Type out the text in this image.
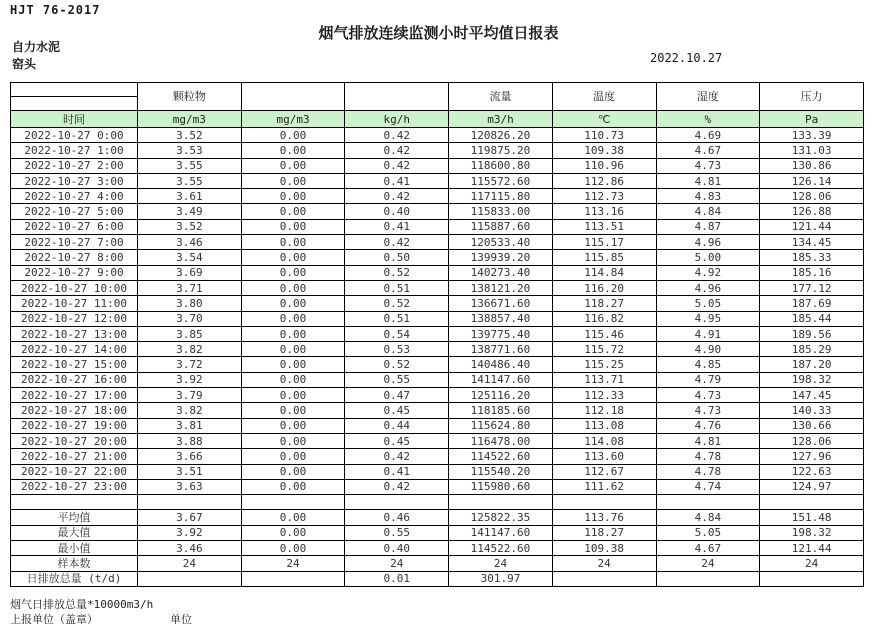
HJT 76-2017
烟气排放连续监测小时平均值日报表
自力水泥
窑头	2022.10.27
	颗粒物			流量	温度	湿度	压力

时间	mg/m3	mg/m3	kg/h	m3/h	℃	%	Pa
2022-10-27 0:00	3.52	0.00	0.42	120826.20	110.73	4.69	133.39
2022-10-27 1:00	3.53	0.00	0.42	119875.20	109.38	4.67	131.03
2022-10-27 2:00	3.55	0.00	0.42	118600.80	110.96	4.73	130.86
2022-10-27 3:00	3.55	0.00	0.41	115572.60	112.86	4.81	126.14
2022-10-27 4:00	3.61	0.00	0.42	117115.80	112.73	4.83	128.06
2022-10-27 5:00	3.49	0.00	0.40	115833.00	113.16	4.84	126.88
2022-10-27 6:00	3.52	0.00	0.41	115887.60	113.51	4.87	121.44
2022-10-27 7:00	3.46	0.00	0.42	120533.40	115.17	4.96	134.45
2022-10-27 8:00	3.54	0.00	0.50	139939.20	115.85	5.00	185.33
2022-10-27 9:00	3.69	0.00	0.52	140273.40	114.84	4.92	185.16
2022-10-27 10:00	3.71	0.00	0.51	138121.20	116.20	4.96	177.12
2022-10-27 11:00	3.80	0.00	0.52	136671.60	118.27	5.05	187.69
2022-10-27 12:00	3.70	0.00	0.51	138857.40	116.82	4.95	185.44
2022-10-27 13:00	3.85	0.00	0.54	139775.40	115.46	4.91	189.56
2022-10-27 14:00	3.82	0.00	0.53	138771.60	115.72	4.90	185.29
2022-10-27 15:00	3.72	0.00	0.52	140486.40	115.25	4.85	187.20
2022-10-27 16:00	3.92	0.00	0.55	141147.60	113.71	4.79	198.32
2022-10-27 17:00	3.79	0.00	0.47	125116.20	112.33	4.73	147.45
2022-10-27 18:00	3.82	0.00	0.45	118185.60	112.18	4.73	140.33
2022-10-27 19:00	3.81	0.00	0.44	115624.80	113.08	4.76	130.66
2022-10-27 20:00	3.88	0.00	0.45	116478.00	114.08	4.81	128.06
2022-10-27 21:00	3.66	0.00	0.42	114522.60	113.60	4.78	127.96
2022-10-27 22:00	3.51	0.00	0.41	115540.20	112.67	4.78	122.63
2022-10-27 23:00	3.63	0.00	0.42	115980.60	111.62	4.74	124.97

平均值	3.67	0.00	0.46	125822.35	113.76	4.84	151.48
最大值	3.92	0.00	0.55	141147.60	118.27	5.05	198.32
最小值	3.46	0.00	0.40	114522.60	109.38	4.67	121.44
样本数	24	24	24	24	24	24	24
日排放总量 (t/d)			0.01	301.97			
烟气日排放总量*10000m3/h
上报单位（盖章）	单位
